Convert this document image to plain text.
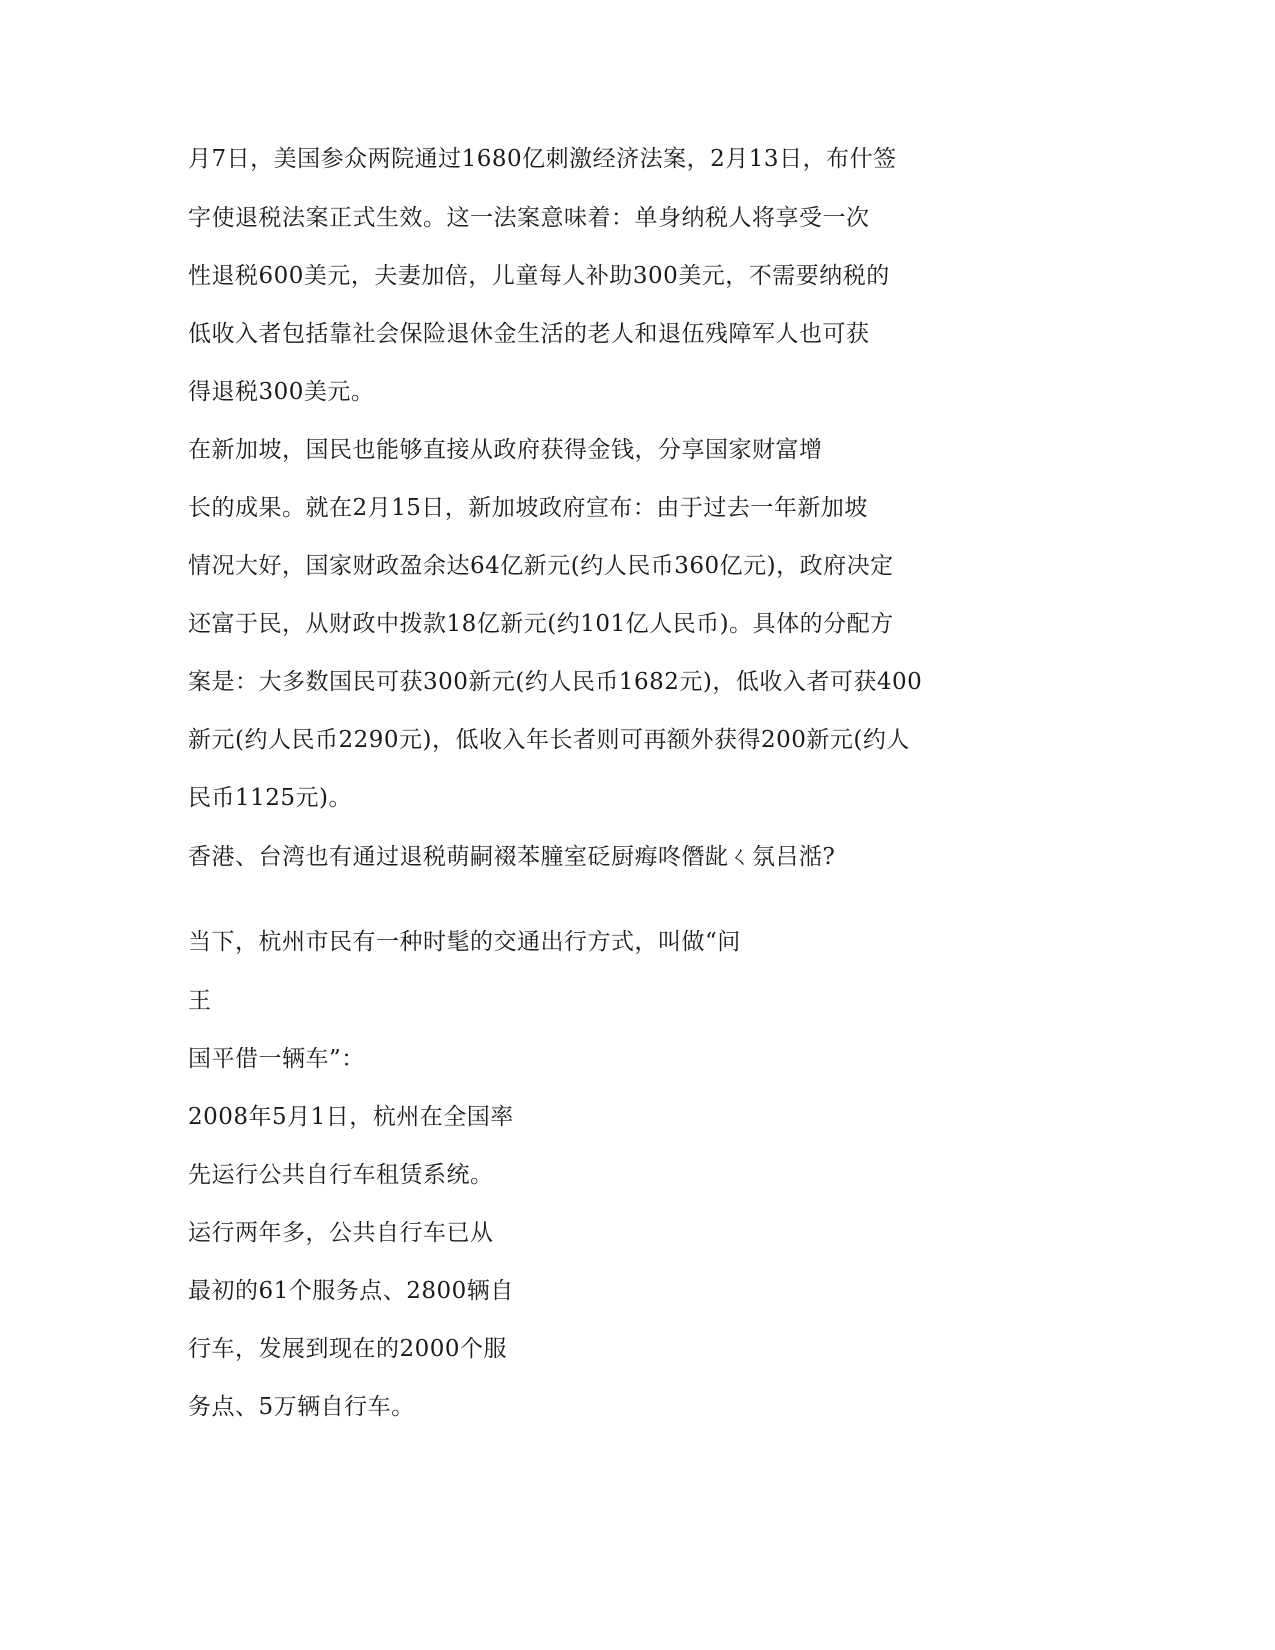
月7日，美国参众两院通过1680亿刺激经济法案，2月13日，布什签
字使退税法案正式生效。这一法案意味着：单身纳税人将享受一次
性退税600美元，夫妻加倍，儿童每人补助300美元，不需要纳税的
低收入者包括靠社会保险退休金生活的老人和退伍残障军人也可获
得退税300美元。
在新加坡，国民也能够直接从政府获得金钱，分享国家财富增
长的成果。就在2月15日，新加坡政府宣布：由于过去一年新加坡
情况大好，国家财政盈余达64亿新元(约人民币360亿元)，政府决定
还富于民，从财政中拨款18亿新元(约101亿人民币)。具体的分配方
案是：大多数国民可获300新元(约人民币1682元)，低收入者可获400
新元(约人民币2290元)，低收入年长者则可再额外获得200新元(约人
民币1125元)。
香港、台湾也有通过退税萌嗣裰苯膧室砭厨痗咚僭龀ㄑ氛吕湉?
当下，杭州市民有一种时髦的交通出行方式，叫做“问
王
国平借一辆车”：
2008年5月1日，杭州在全国率
先运行公共自行车租赁系统。
运行两年多，公共自行车已从
最初的61个服务点、2800辆自
行车，发展到现在的2000个服
务点、5万辆自行车。
